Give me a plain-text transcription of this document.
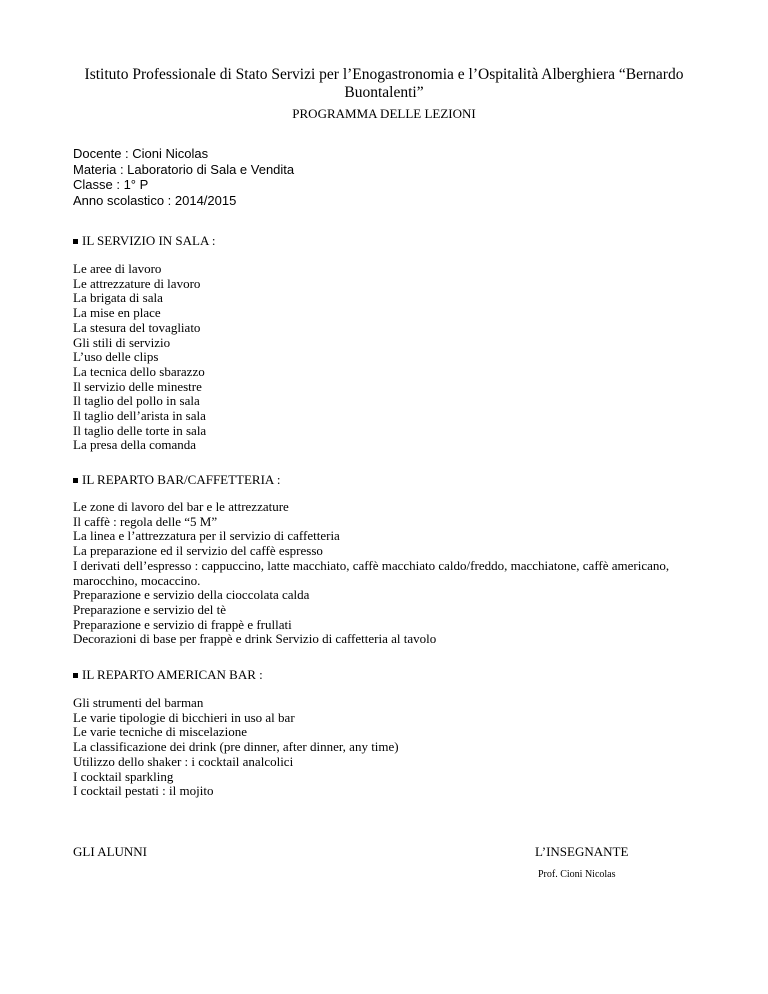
Istituto Professionale di Stato Servizi per l’Enogastronomia e l’Ospitalità Alberghiera “Bernardo Buontalenti”
PROGRAMMA DELLE LEZIONI
Docente : Cioni Nicolas
Materia : Laboratorio di Sala e Vendita
Classe : 1° P
Anno scolastico : 2014/2015
IL SERVIZIO IN SALA :
Le aree di lavoro
Le attrezzature di lavoro
La brigata di sala
La mise en place
La stesura del tovagliato
Gli stili di servizio
L’uso delle clips
La tecnica dello sbarazzo
Il servizio delle minestre
Il taglio del pollo in sala
Il taglio dell’arista in sala
Il taglio delle torte in sala
La presa della comanda
IL REPARTO BAR/CAFFETTERIA :
Le zone di lavoro del bar e le attrezzature
Il caffè : regola delle “5 M”
La linea e l’attrezzatura per il servizio di caffetteria
La preparazione ed il servizio del caffè espresso
I derivati dell’espresso : cappuccino, latte macchiato, caffè macchiato caldo/freddo, macchiatone, caffè americano, marocchino, mocaccino.
Preparazione e servizio della cioccolata calda
Preparazione e servizio del tè
Preparazione e servizio di frappè e frullati
Decorazioni di base per frappè e drink Servizio di caffetteria al tavolo
IL REPARTO AMERICAN BAR :
Gli strumenti del barman
Le varie tipologie di bicchieri in uso al bar
Le varie tecniche di miscelazione
La classificazione dei drink (pre dinner, after dinner, any time)
Utilizzo dello shaker : i cocktail analcolici
I cocktail sparkling
I cocktail pestati : il mojito
GLI ALUNNI	L’INSEGNANTE
Prof. Cioni Nicolas
